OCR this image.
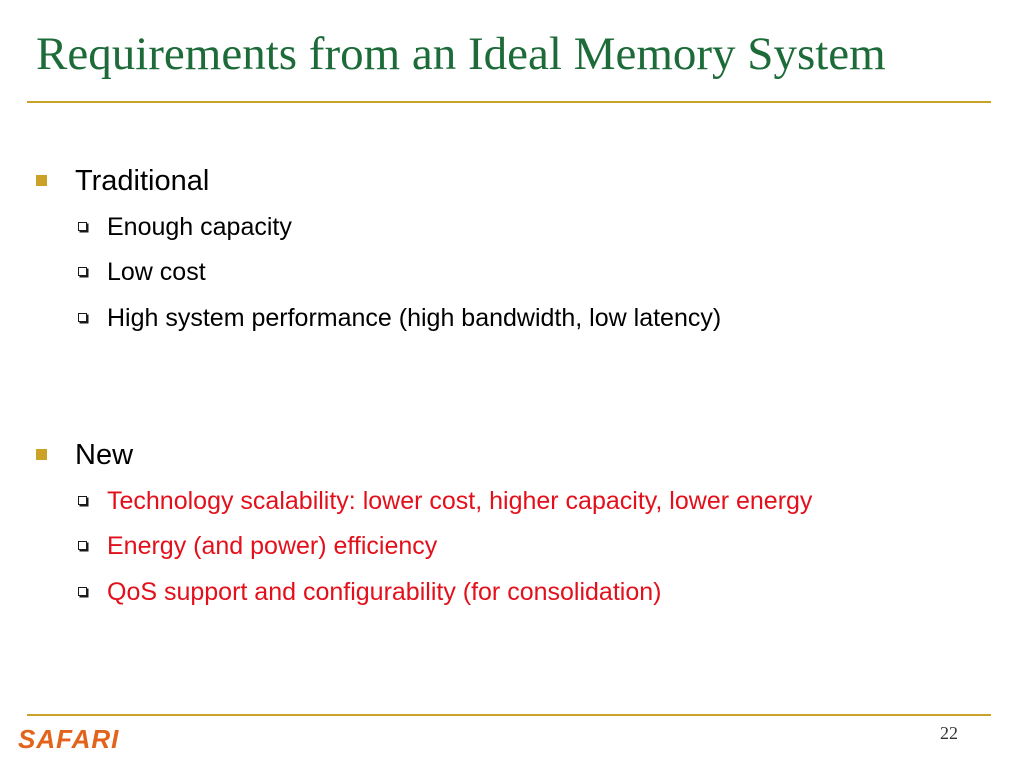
Requirements from an Ideal Memory System
Traditional
Enough capacity
Low cost
High system performance (high bandwidth, low latency)
New
Technology scalability: lower cost, higher capacity, lower energy
Energy (and power) efficiency
QoS support and configurability (for consolidation)
SAFARI	22
